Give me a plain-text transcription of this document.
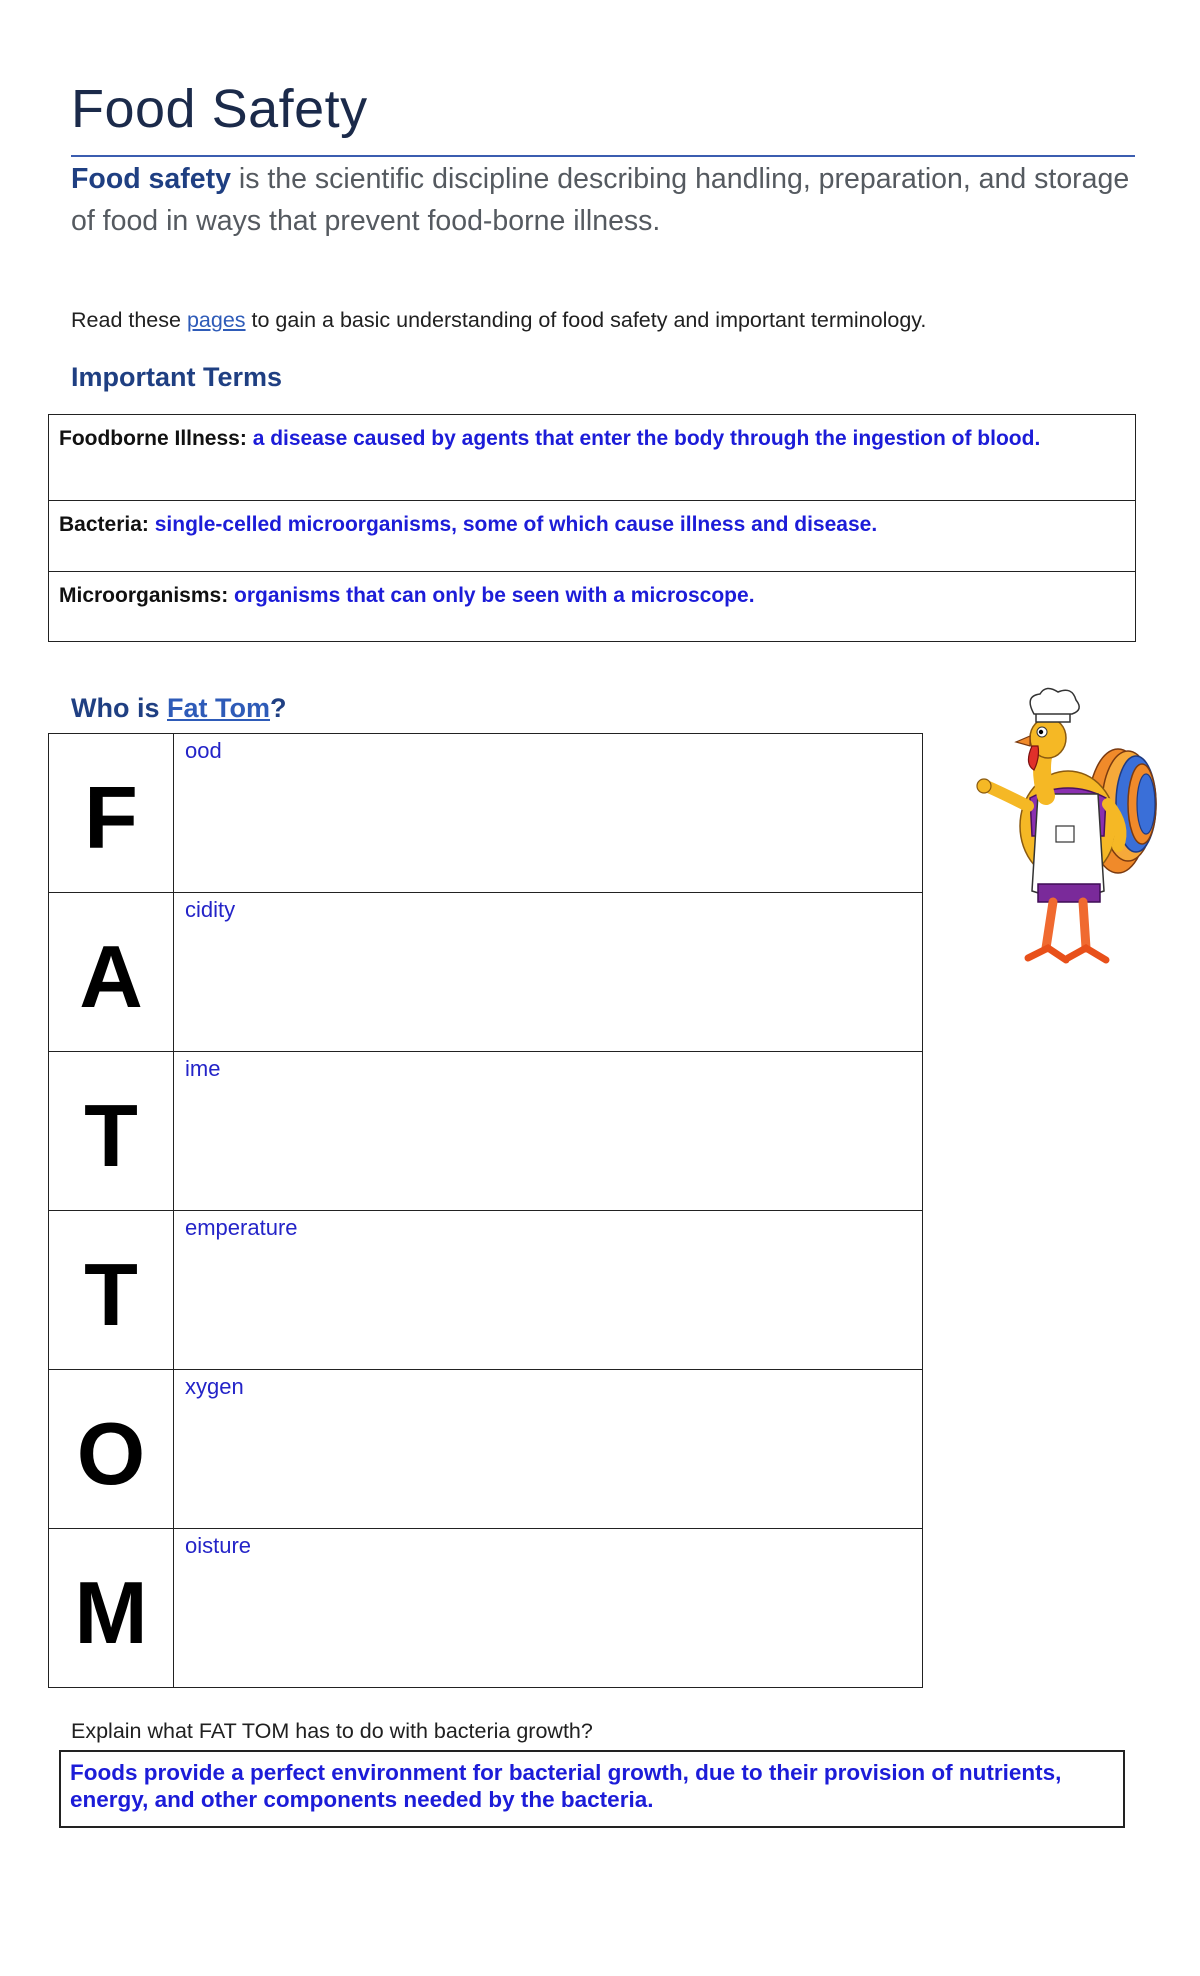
Food Safety

Food safety is the scientific discipline describing handling, preparation, and storage of food in ways that prevent food-borne illness.

Read these pages to gain a basic understanding of food safety and important terminology.
Important Terms
Foodborne Illness: a disease caused by agents that enter the body through the ingestion of blood.
Bacteria: single-celled microorganisms, some of which cause illness and disease.
Microorganisms: organisms that can only be seen with a microscope.
Who is Fat Tom?
F
ood
A
cidity
T
ime
T
emperature
O
xygen
M
oisture
Explain what FAT TOM has to do with bacteria growth?
Foods provide a perfect environment for bacterial growth, due to their provision of nutrients, energy, and other components needed by the bacteria.
